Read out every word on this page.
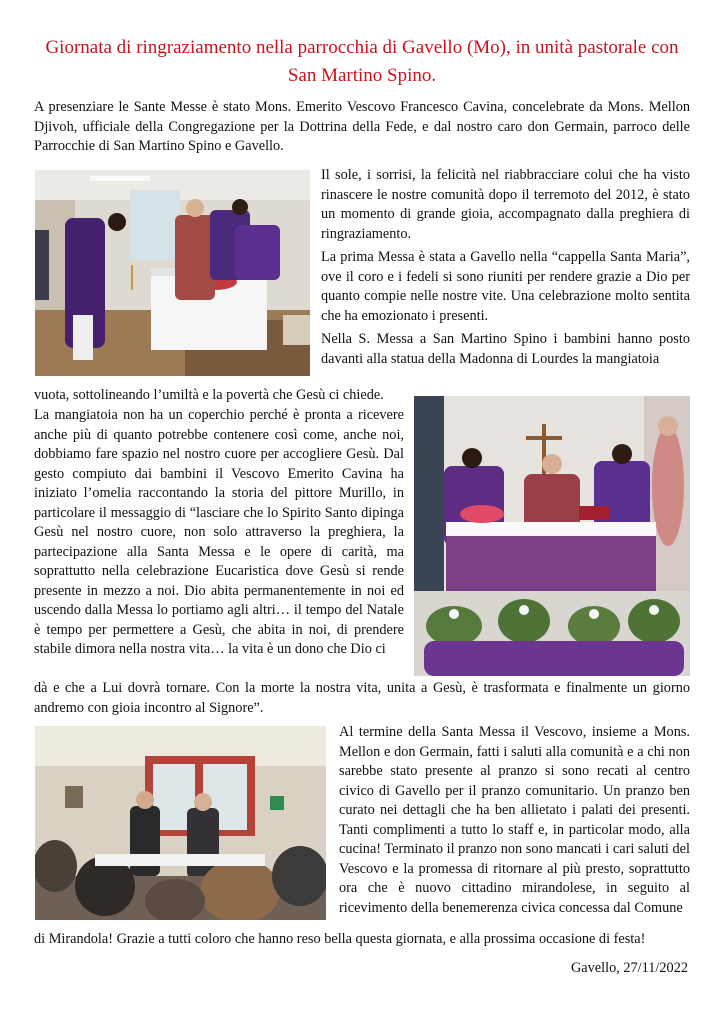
Giornata di ringraziamento nella parrocchia di Gavello (Mo), in unità pastorale con San Martino Spino.

A presenziare le Sante Messe è stato Mons. Emerito Vescovo Francesco Cavina, concelebrate da Mons. Mellon Djivoh, ufficiale della Congregazione per la Dottrina della Fede, e dal nostro caro don Germain, parroco delle Parrocchie di San Martino Spino e Gavello.

Il sole, i sorrisi, la felicità nel riabbracciare colui che ha visto rinascere le nostre comunità dopo il terremoto del 2012, è stato un momento di grande gioia, accompagnato dalla preghiera di ringraziamento.

La prima Messa è stata a Gavello nella “cappella Santa Maria”, ove il coro e i fedeli si sono riuniti per rendere grazie a Dio per quanto compie nelle nostre vite. Una celebrazione molto sentita che ha emozionato i presenti.

Nella S. Messa a San Martino Spino i bambini hanno posto davanti alla statua della Madonna di Lourdes la mangiatoia

vuota, sottolineando l’umiltà e la povertà che Gesù ci chiede.

La mangiatoia non ha un coperchio perché è pronta a ricevere anche più di quanto potrebbe contenere così come, anche noi, dobbiamo fare spazio nel nostro cuore per accogliere Gesù. Dal gesto compiuto dai bambini il Vescovo Emerito Cavina ha iniziato l’omelia raccontando la storia del pittore Murillo, in particolare il messaggio di “lasciare che lo Spirito Santo dipinga Gesù nel nostro cuore, non solo attraverso la preghiera, la partecipazione alla Santa Messa e le opere di carità, ma soprattutto nella celebrazione Eucaristica dove Gesù si rende presente in mezzo a noi. Dio abita permanentemente in noi ed uscendo dalla Messa lo portiamo agli altri… il tempo del Natale è tempo per permettere a Gesù, che abita in noi, di prendere stabile dimora nella nostra vita… la vita è un dono che Dio ci

dà e che a Lui dovrà tornare. Con la morte la nostra vita, unita a Gesù, è trasformata e finalmente un giorno andremo con gioia incontro al Signore”.

Al termine della Santa Messa il Vescovo, insieme a Mons. Mellon e don Germain, fatti i saluti alla comunità e a chi non sarebbe stato presente al pranzo si sono recati al centro civico di Gavello per il pranzo comunitario. Un pranzo ben curato nei dettagli che ha ben allietato i palati dei presenti. Tanti complimenti a tutto lo staff e, in particolar modo, alla cucina! Terminato il pranzo non sono mancati i cari saluti del Vescovo e la promessa di ritornare al più presto, soprattutto ora che è nuovo cittadino mirandolese, in seguito al ricevimento della benemerenza civica concessa dal Comune

di Mirandola! Grazie a tutti coloro che hanno reso bella questa giornata, e alla prossima occasione di festa!

Gavello, 27/11/2022
